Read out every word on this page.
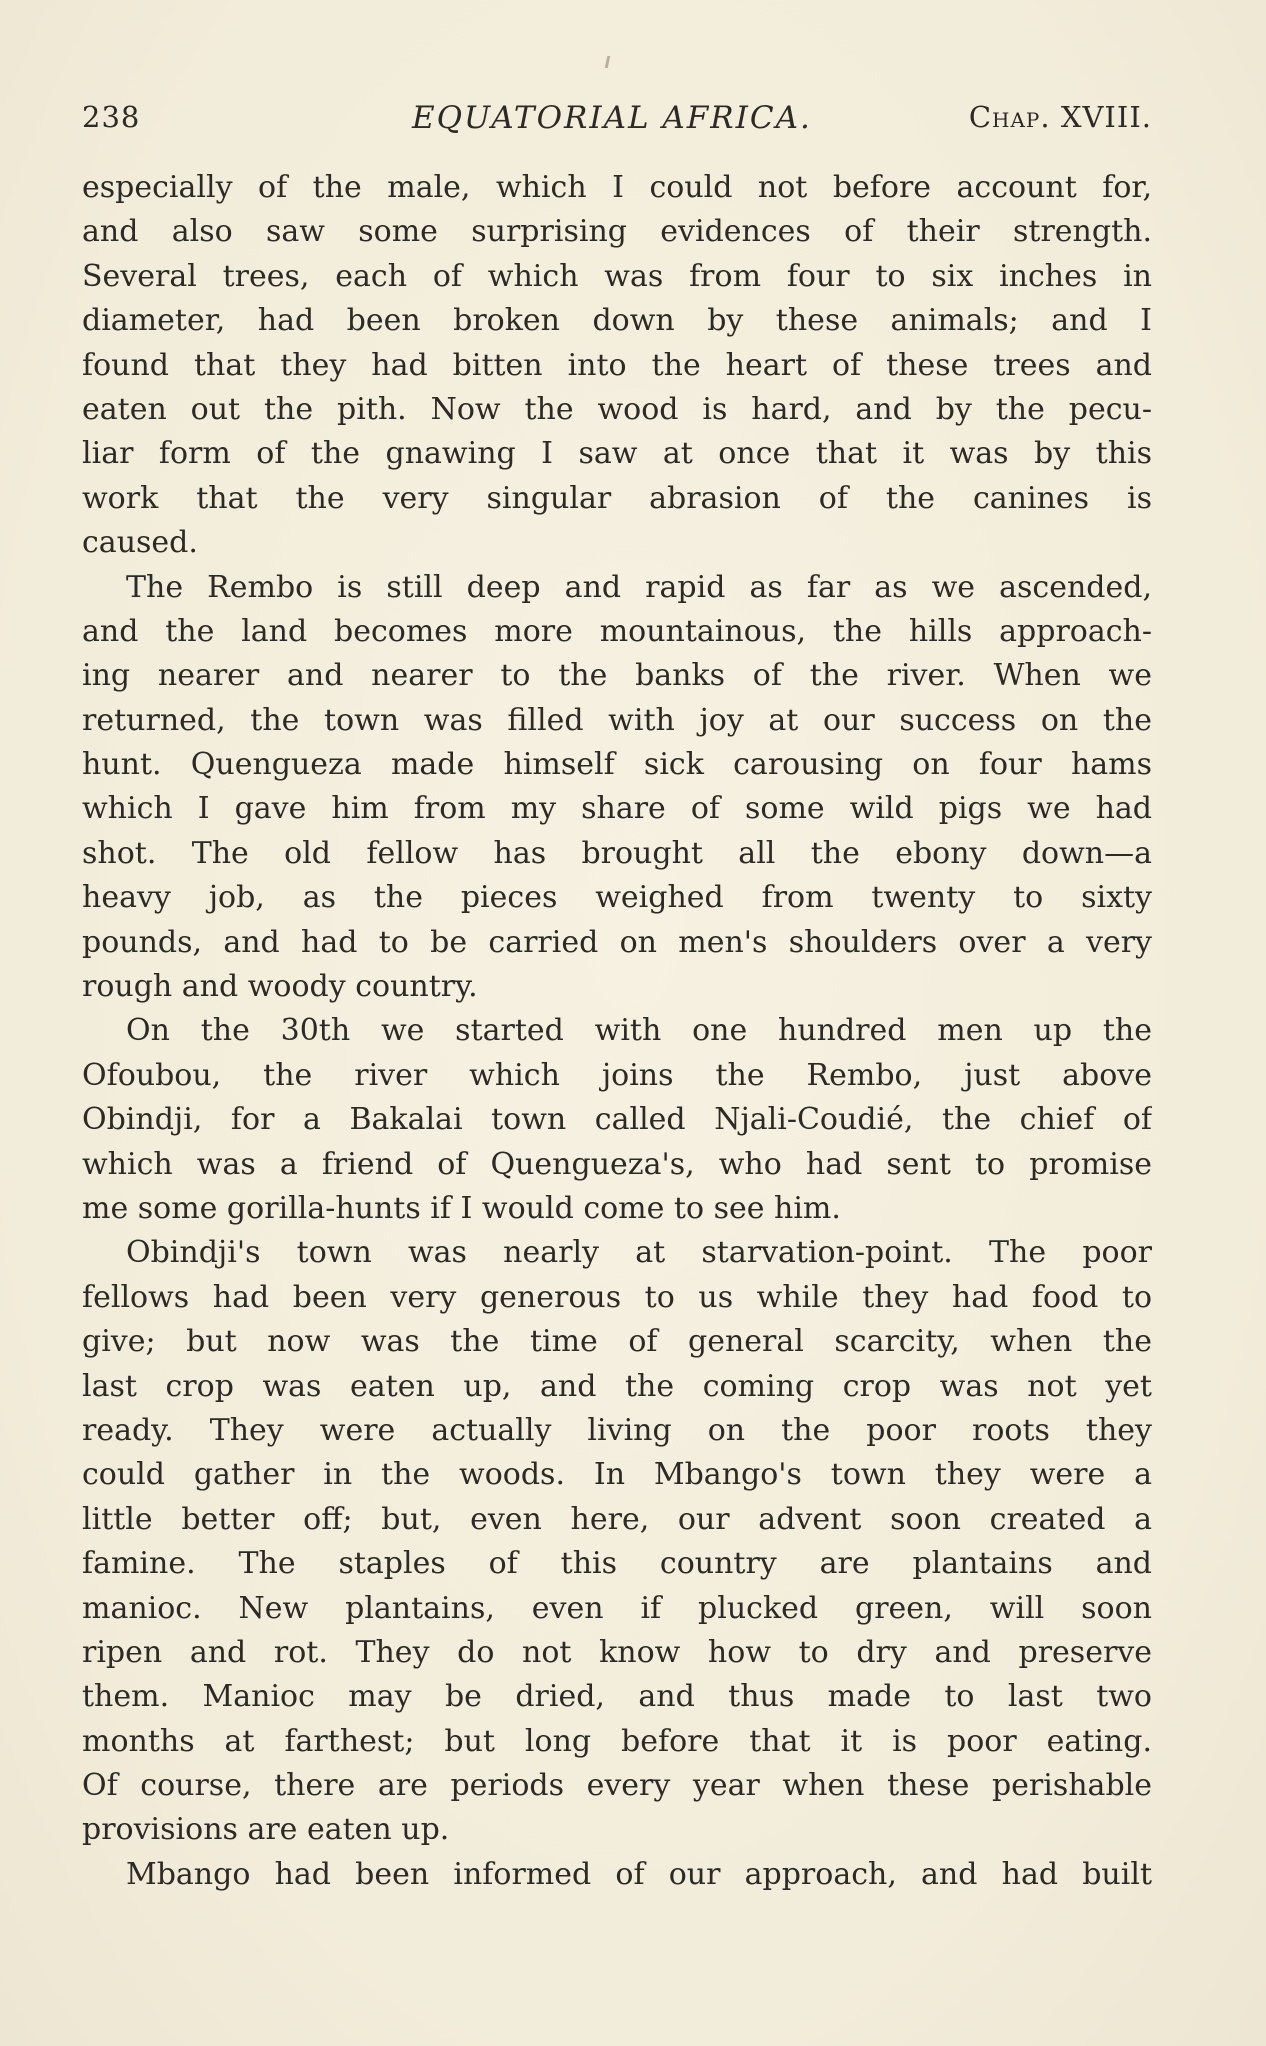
238	EQUATORIAL AFRICA.	Chap. XVIII.
especially of the male, which I could not before account for,
and also saw some surprising evidences of their strength.
Several trees, each of which was from four to six inches in
diameter, had been broken down by these animals; and I
found that they had bitten into the heart of these trees and
eaten out the pith. Now the wood is hard, and by the pecu-
liar form of the gnawing I saw at once that it was by this
work that the very singular abrasion of the canines is
caused.
The Rembo is still deep and rapid as far as we ascended,
and the land becomes more mountainous, the hills approach-
ing nearer and nearer to the banks of the river. When we
returned, the town was filled with joy at our success on the
hunt. Quengueza made himself sick carousing on four hams
which I gave him from my share of some wild pigs we had
shot. The old fellow has brought all the ebony down—a
heavy job, as the pieces weighed from twenty to sixty
pounds, and had to be carried on men's shoulders over a very
rough and woody country.
On the 30th we started with one hundred men up the
Ofoubou, the river which joins the Rembo, just above
Obindji, for a Bakalai town called Njali-Coudié, the chief of
which was a friend of Quengueza's, who had sent to promise
me some gorilla-hunts if I would come to see him.
Obindji's town was nearly at starvation-point. The poor
fellows had been very generous to us while they had food to
give; but now was the time of general scarcity, when the
last crop was eaten up, and the coming crop was not yet
ready. They were actually living on the poor roots they
could gather in the woods. In Mbango's town they were a
little better off; but, even here, our advent soon created a
famine. The staples of this country are plantains and
manioc. New plantains, even if plucked green, will soon
ripen and rot. They do not know how to dry and preserve
them. Manioc may be dried, and thus made to last two
months at farthest; but long before that it is poor eating.
Of course, there are periods every year when these perishable
provisions are eaten up.
Mbango had been informed of our approach, and had built
